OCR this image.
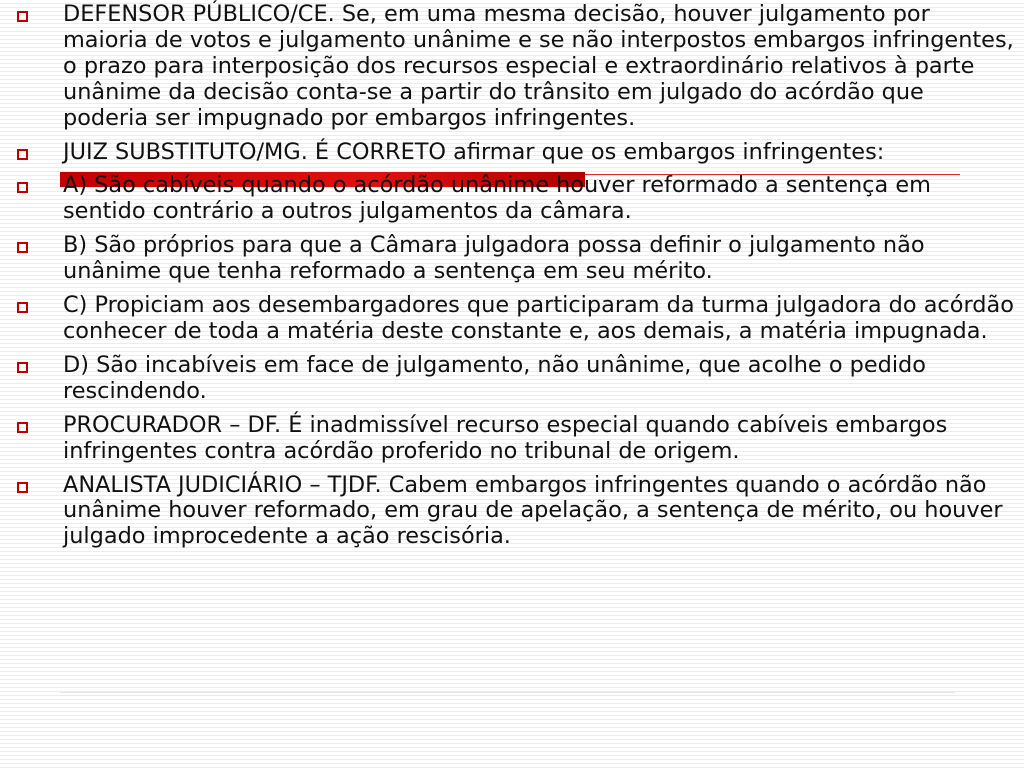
DEFENSOR PÚBLICO/CE. Se, em uma mesma decisão, houver julgamento por maioria de votos e julgamento unânime e se não interpostos embargos infringentes, o prazo para interposição dos recursos especial e extraordinário relativos à parte unânime da decisão conta-se a partir do trânsito em julgado do acórdão que poderia ser impugnado por embargos infringentes.
JUIZ SUBSTITUTO/MG. É CORRETO afirmar que os embargos infringentes:
A) São cabíveis quando o acórdão unânime houver reformado a sentença em sentido contrário a outros julgamentos da câmara.
B) São próprios para que a Câmara julgadora possa definir o julgamento não unânime que tenha reformado a sentença em seu mérito.
C) Propiciam aos desembargadores que participaram da turma julgadora do acórdão conhecer de toda a matéria deste constante e, aos demais, a matéria impugnada.
D) São incabíveis em face de julgamento, não unânime, que acolhe o pedido rescindendo.
PROCURADOR – DF. É inadmissível recurso especial quando cabíveis embargos infringentes contra acórdão proferido no tribunal de origem.
ANALISTA JUDICIÁRIO – TJDF. Cabem embargos infringentes quando o acórdão não unânime houver reformado, em grau de apelação, a sentença de mérito, ou houver julgado improcedente a ação rescisória.
